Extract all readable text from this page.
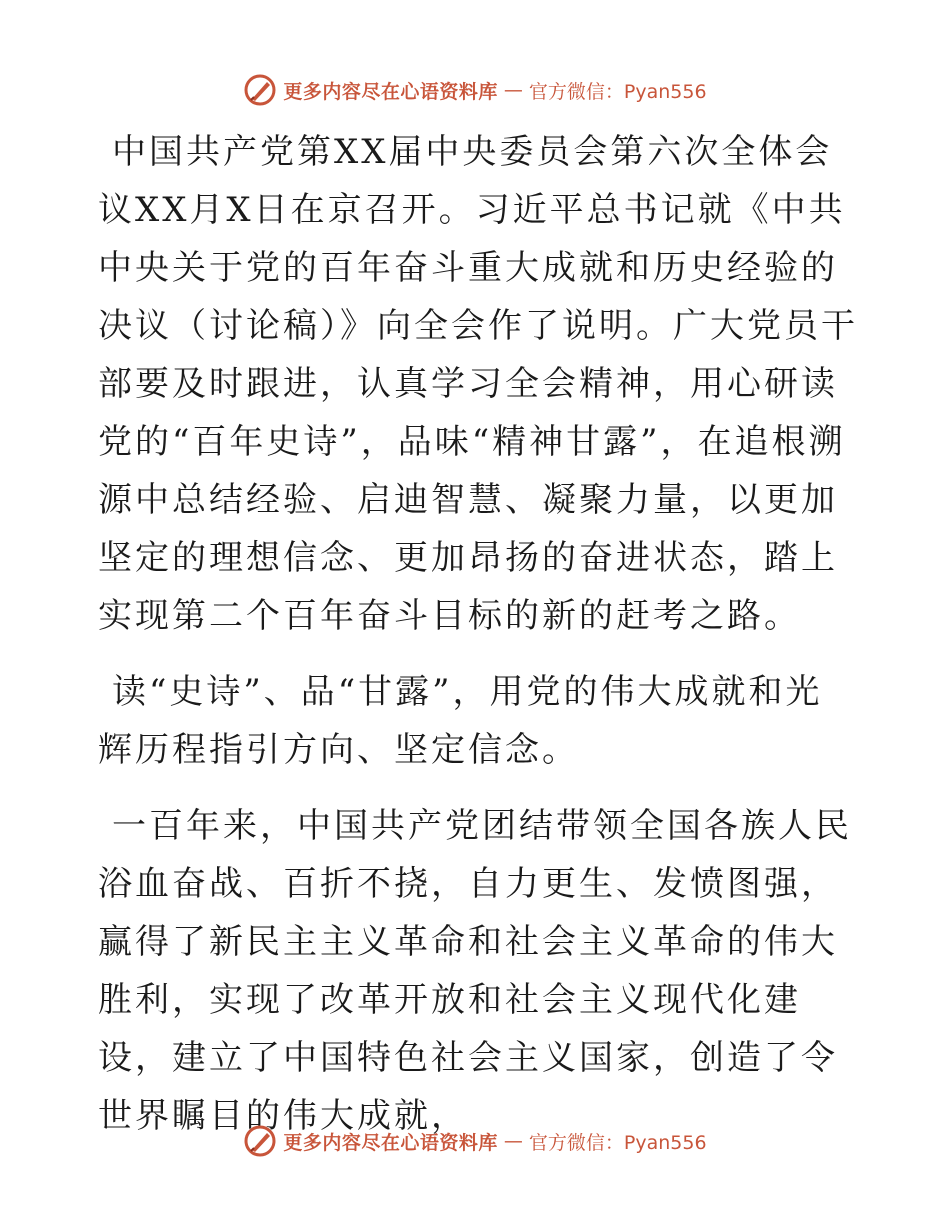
更多内容尽在心语资料库 — 官方微信：Pyan556

中国共产党第XX届中央委员会第六次全体会议XX月X日在京召开。习近平总书记就《中共中央关于党的百年奋斗重大成就和历史经验的决议（讨论稿）》向全会作了说明。广大党员干部要及时跟进，认真学习全会精神，用心研读党的“百年史诗”，品味“精神甘露”，在追根溯源中总结经验、启迪智慧、凝聚力量，以更加坚定的理想信念、更加昂扬的奋进状态，踏上实现第二个百年奋斗目标的新的赶考之路。

读“史诗”、品“甘露”，用党的伟大成就和光辉历程指引方向、坚定信念。

一百年来，中国共产党团结带领全国各族人民浴血奋战、百折不挠，自力更生、发愤图强，赢得了新民主主义革命和社会主义革命的伟大胜利，实现了改革开放和社会主义现代化建设，建立了中国特色社会主义国家，创造了令世界瞩目的伟大成就，

更多内容尽在心语资料库 — 官方微信：Pyan556
